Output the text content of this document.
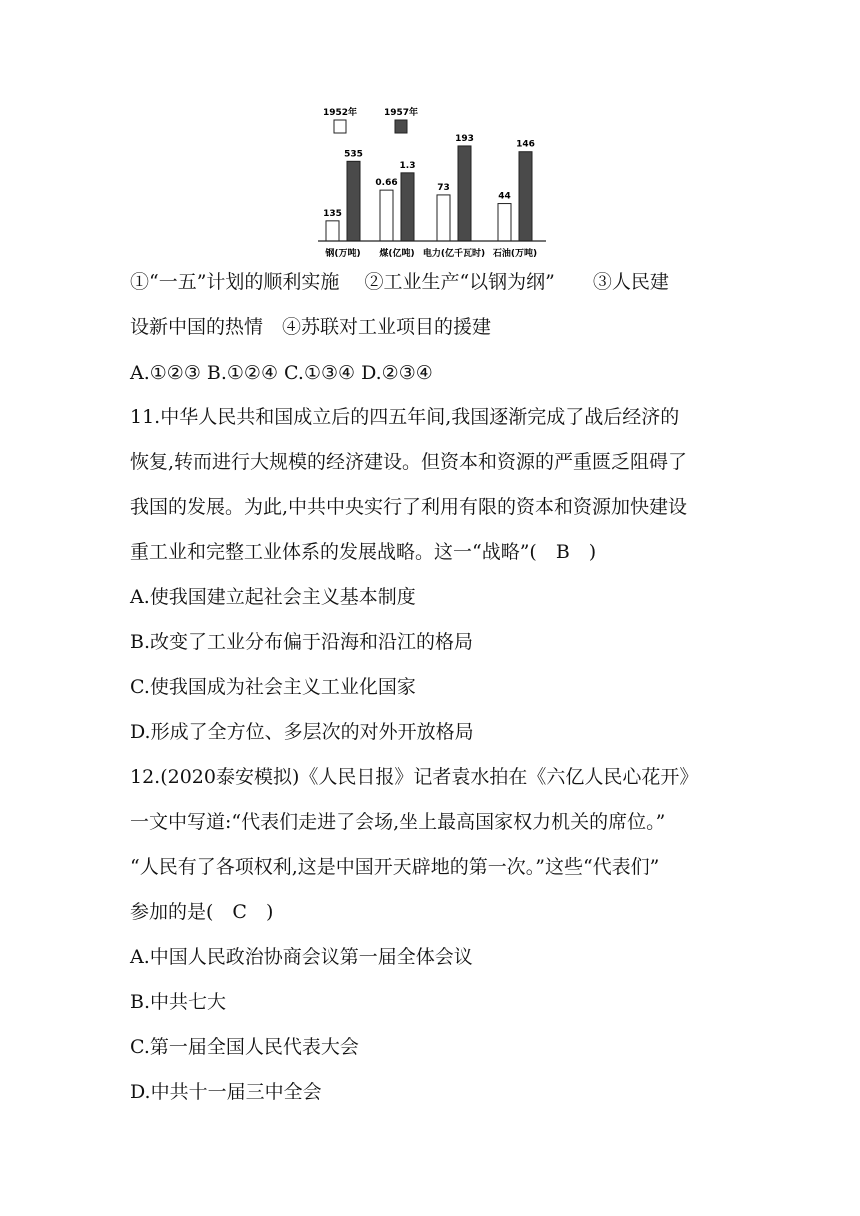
1952年	1957年
135
535
0.66
1.3
73
193
44
146
钢(万吨) 煤(亿吨) 电力(亿千瓦时) 石油(万吨)
①“一五”计划的顺利实施　 ②工业生产“以钢为纲”　　③人民建
设新中国的热情　④苏联对工业项目的援建
A.①②③ B.①②④ C.①③④ D.②③④
11.中华人民共和国成立后的四五年间,我国逐渐完成了战后经济的
恢复,转而进行大规模的经济建设。但资本和资源的严重匮乏阻碍了
我国的发展。为此,中共中央实行了利用有限的资本和资源加快建设
重工业和完整工业体系的发展战略。这一“战略”(　B　)
A.使我国建立起社会主义基本制度
B.改变了工业分布偏于沿海和沿江的格局
C.使我国成为社会主义工业化国家
D.形成了全方位、多层次的对外开放格局
12.(2020泰安模拟)《人民日报》记者袁水拍在《六亿人民心花开》
一文中写道:“代表们走进了会场,坐上最高国家权力机关的席位。”
“人民有了各项权利,这是中国开天辟地的第一次。”这些“代表们”
参加的是(　C　)
A.中国人民政治协商会议第一届全体会议
B.中共七大
C.第一届全国人民代表大会
D.中共十一届三中全会
